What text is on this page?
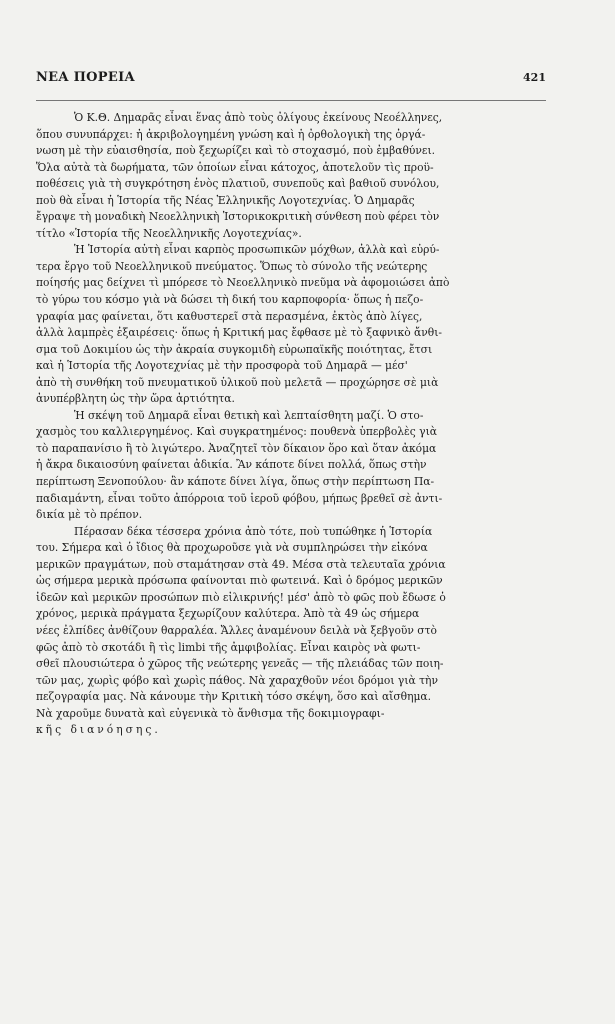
ΝΕΑ ΠΟΡΕΙΑ	421
Ὁ Κ.Θ. Δημαρᾶς εἶναι ἕνας ἀπὸ τοὺς ὀλίγους ἐκείνους Νεοέλληνες,
ὅπου συνυπάρχει: ἡ ἀκριβολογημένη γνώση καὶ ἡ ὀρθολογικὴ της ὀργά-
νωση μὲ τὴν εὐαισθησία, ποὺ ξεχωρίζει καὶ τὸ στοχασμό, ποὺ ἐμβαθύνει.
Ὅλα αὐτὰ τὰ δωρήματα, τῶν ὁποίων εἶναι κάτοχος, ἀποτελοῦν τὶς προϋ-
ποθέσεις γιὰ τὴ συγκρότηση ἑνὸς πλατιοῦ, συνεποῦς καὶ βαθιοῦ συνόλου,
ποὺ θὰ εἶναι ἡ Ἱστορία τῆς Νέας Ἑλληνικῆς Λογοτεχνίας. Ὁ Δημαρᾶς
ἔγραψε τὴ μοναδικὴ Νεοελληνικὴ Ἱστορικοκριτικὴ σύνθεση ποὺ φέρει τὸν
τίτλο «Ἱστορία τῆς Νεοελληνικῆς Λογοτεχνίας».
Ἡ Ἱστορία αὐτὴ εἶναι καρπὸς προσωπικῶν μόχθων, ἀλλὰ καὶ εὐρύ-
τερα ἔργο τοῦ Νεοελληνικοῦ πνεύματος. Ὅπως τὸ σύνολο τῆς νεώτερης
ποίησής μας δείχνει τὶ μπόρεσε τὸ Νεοελληνικὸ πνεῦμα νὰ ἀφομοιώσει ἀπὸ
τὸ γύρω του κόσμο γιὰ νὰ δώσει τὴ δική του καρποφορία· ὅπως ἡ πεζο-
γραφία μας φαίνεται, ὅτι καθυστερεῖ στὰ περασμένα, ἐκτὸς ἀπὸ λίγες,
ἀλλὰ λαμπρὲς ἐξαιρέσεις· ὅπως ἡ Κριτική μας ἔφθασε μὲ τὸ ξαφνικὸ ἄνθι-
σμα τοῦ Δοκιμίου ὡς τὴν ἀκραία συγκομιδὴ εὐρωπαϊκῆς ποιότητας, ἔτσι
καὶ ἡ Ἱστορία τῆς Λογοτεχνίας μὲ τὴν προσφορὰ τοῦ Δημαρᾶ — μέσ'
ἀπὸ τὴ συνθήκη τοῦ πνευματικοῦ ὑλικοῦ ποὺ μελετᾶ — προχώρησε σὲ μιὰ
ἀνυπέρβλητη ὡς τὴν ὥρα ἀρτιότητα.
Ἡ σκέψη τοῦ Δημαρᾶ εἶναι θετικὴ καὶ λεπταίσθητη μαζί. Ὁ στο-
χασμὸς του καλλιεργημένος. Καὶ συγκρατημένος: πουθενὰ ὑπερβολὲς γιὰ
τὸ παραπανίσιο ἢ τὸ λιγώτερο. Ἀναζητεῖ τὸν δίκαιον ὅρο καὶ ὅταν ἀκόμα
ἡ ἄκρα δικαιοσύνη φαίνεται ἀδικία. Ἂν κάποτε δίνει πολλά, ὅπως στὴν
περίπτωση Ξενοπούλου· ἂν κάποτε δίνει λίγα, ὅπως στὴν περίπτωση Πα-
παδιαμάντη, εἶναι τοῦτο ἀπόρροια τοῦ ἱεροῦ φόβου, μήπως βρεθεῖ σὲ ἀντι-
δικία μὲ τὸ πρέπον.
Πέρασαν δέκα τέσσερα χρόνια ἀπὸ τότε, ποὺ τυπώθηκε ἡ Ἱστορία
του. Σήμερα καὶ ὁ ἴδιος θὰ προχωροῦσε γιὰ νὰ συμπληρώσει τὴν εἰκόνα
μερικῶν πραγμάτων, ποὺ σταμάτησαν στὰ 49. Μέσα στὰ τελευταῖα χρόνια
ὡς σήμερα μερικὰ πρόσωπα φαίνονται πιὸ φωτεινά. Καὶ ὁ δρόμος μερικῶν
ἰδεῶν καὶ μερικῶν προσώπων πιὸ εἰλικρινής! μέσ' ἀπὸ τὸ φῶς ποὺ ἔδωσε ὁ
χρόνος, μερικὰ πράγματα ξεχωρίζουν καλύτερα. Ἀπὸ τὰ 49 ὡς σήμερα
νέες ἐλπίδες ἀνθίζουν θαρραλέα. Ἄλλες ἀναμένουν δειλὰ νὰ ξεβγοῦν στὸ
φῶς ἀπὸ τὸ σκοτάδι ἢ τὶς limbi τῆς ἀμφιβολίας. Εἶναι καιρὸς νὰ φωτι-
σθεῖ πλουσιώτερα ὁ χῶρος τῆς νεώτερης γενεᾶς — τῆς πλειάδας τῶν ποιη-
τῶν μας, χωρὶς φόβο καὶ χωρὶς πάθος. Νὰ χαραχθοῦν νέοι δρόμοι γιὰ τὴν
πεζογραφία μας. Νὰ κάνουμε τὴν Κριτικὴ τόσο σκέψη, ὅσο καὶ αἴσθημα.
Νὰ χαροῦμε δυνατὰ καὶ εὐγενικὰ τὸ ἄνθισμα τῆς δοκιμιογραφι-
κῆς διανόησης.
